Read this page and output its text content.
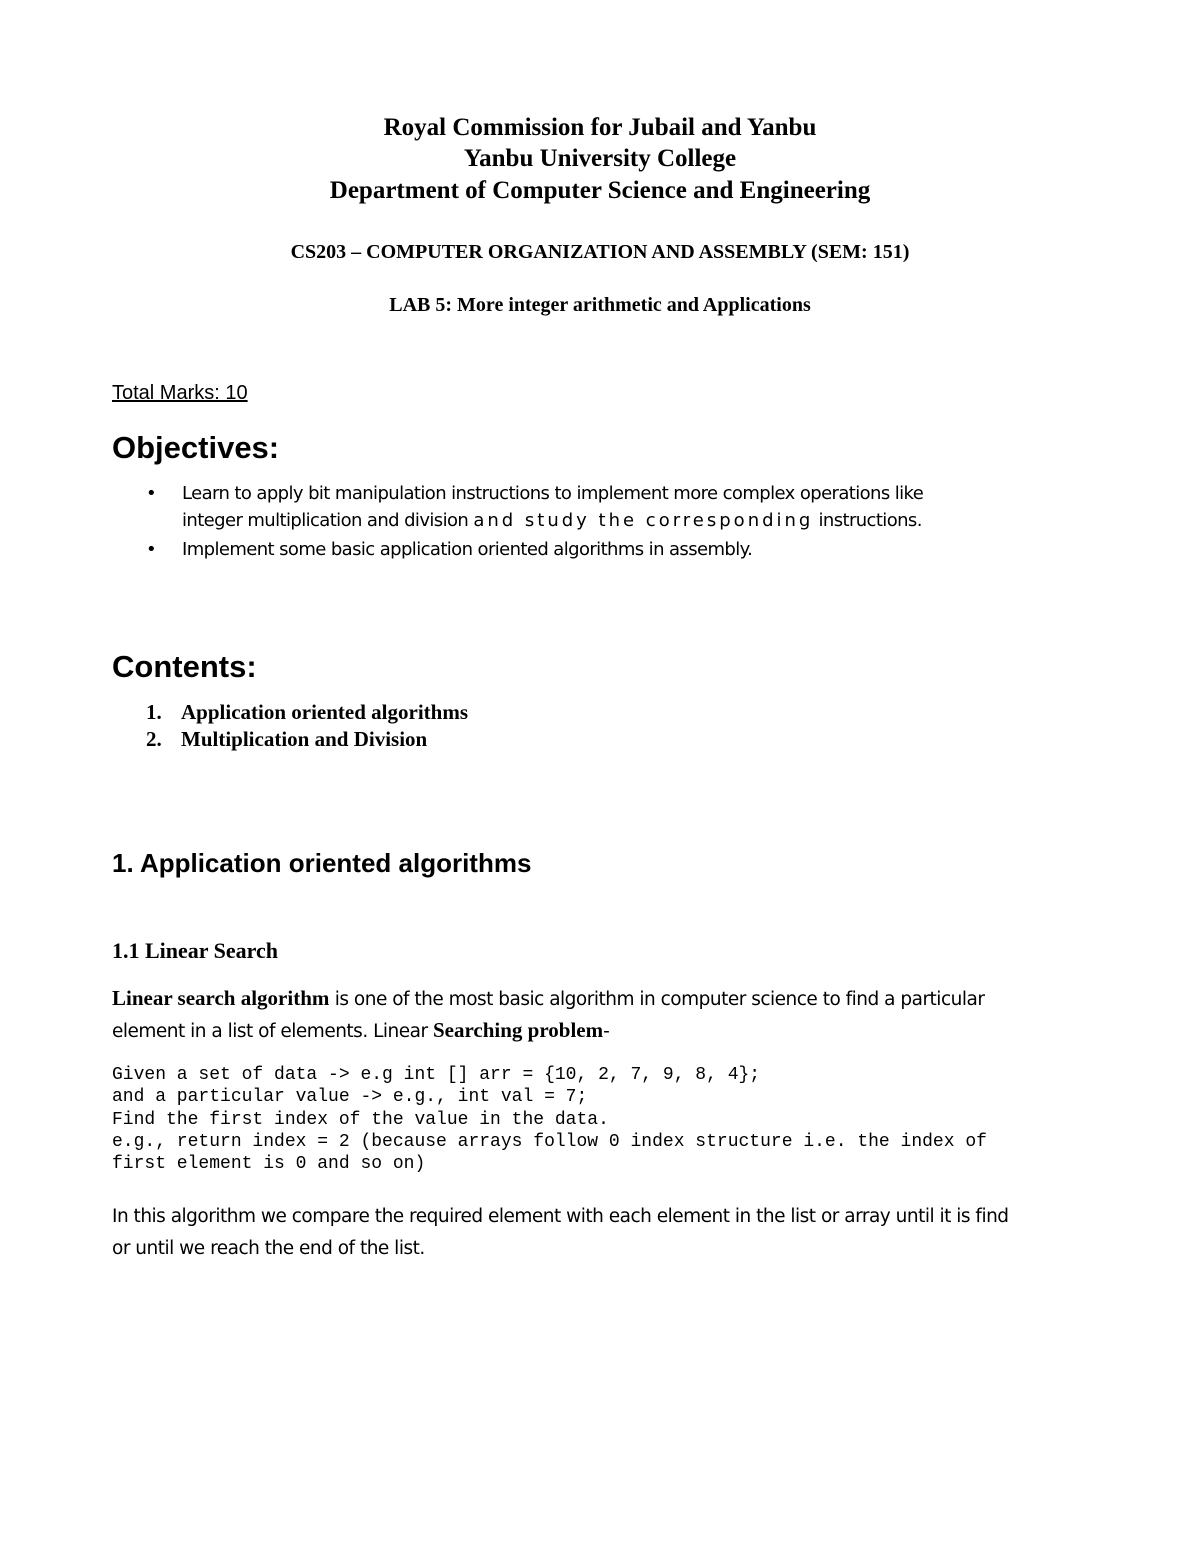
Royal Commission for Jubail and Yanbu
Yanbu University College
Department of Computer Science and Engineering
CS203 – COMPUTER ORGANIZATION AND ASSEMBLY (SEM: 151)
LAB 5: More integer arithmetic and Applications
Total Marks: 10
Objectives:
• Learn to apply bit manipulation instructions to implement more complex operations like
integer multiplication and division and study the corresponding instructions.
• Implement some basic application oriented algorithms in assembly.
Contents:
1. Application oriented algorithms
2. Multiplication and Division
1. Application oriented algorithms
1.1 Linear Search
Linear search algorithm is one of the most basic algorithm in computer science to find a particular
element in a list of elements. Linear Searching problem-
Given a set of data -> e.g int [] arr = {10, 2, 7, 9, 8, 4};
and a particular value -> e.g., int val = 7;
Find the first index of the value in the data.
e.g., return index = 2 (because arrays follow 0 index structure i.e. the index of
first element is 0 and so on)
In this algorithm we compare the required element with each element in the list or array until it is find
or until we reach the end of the list.
